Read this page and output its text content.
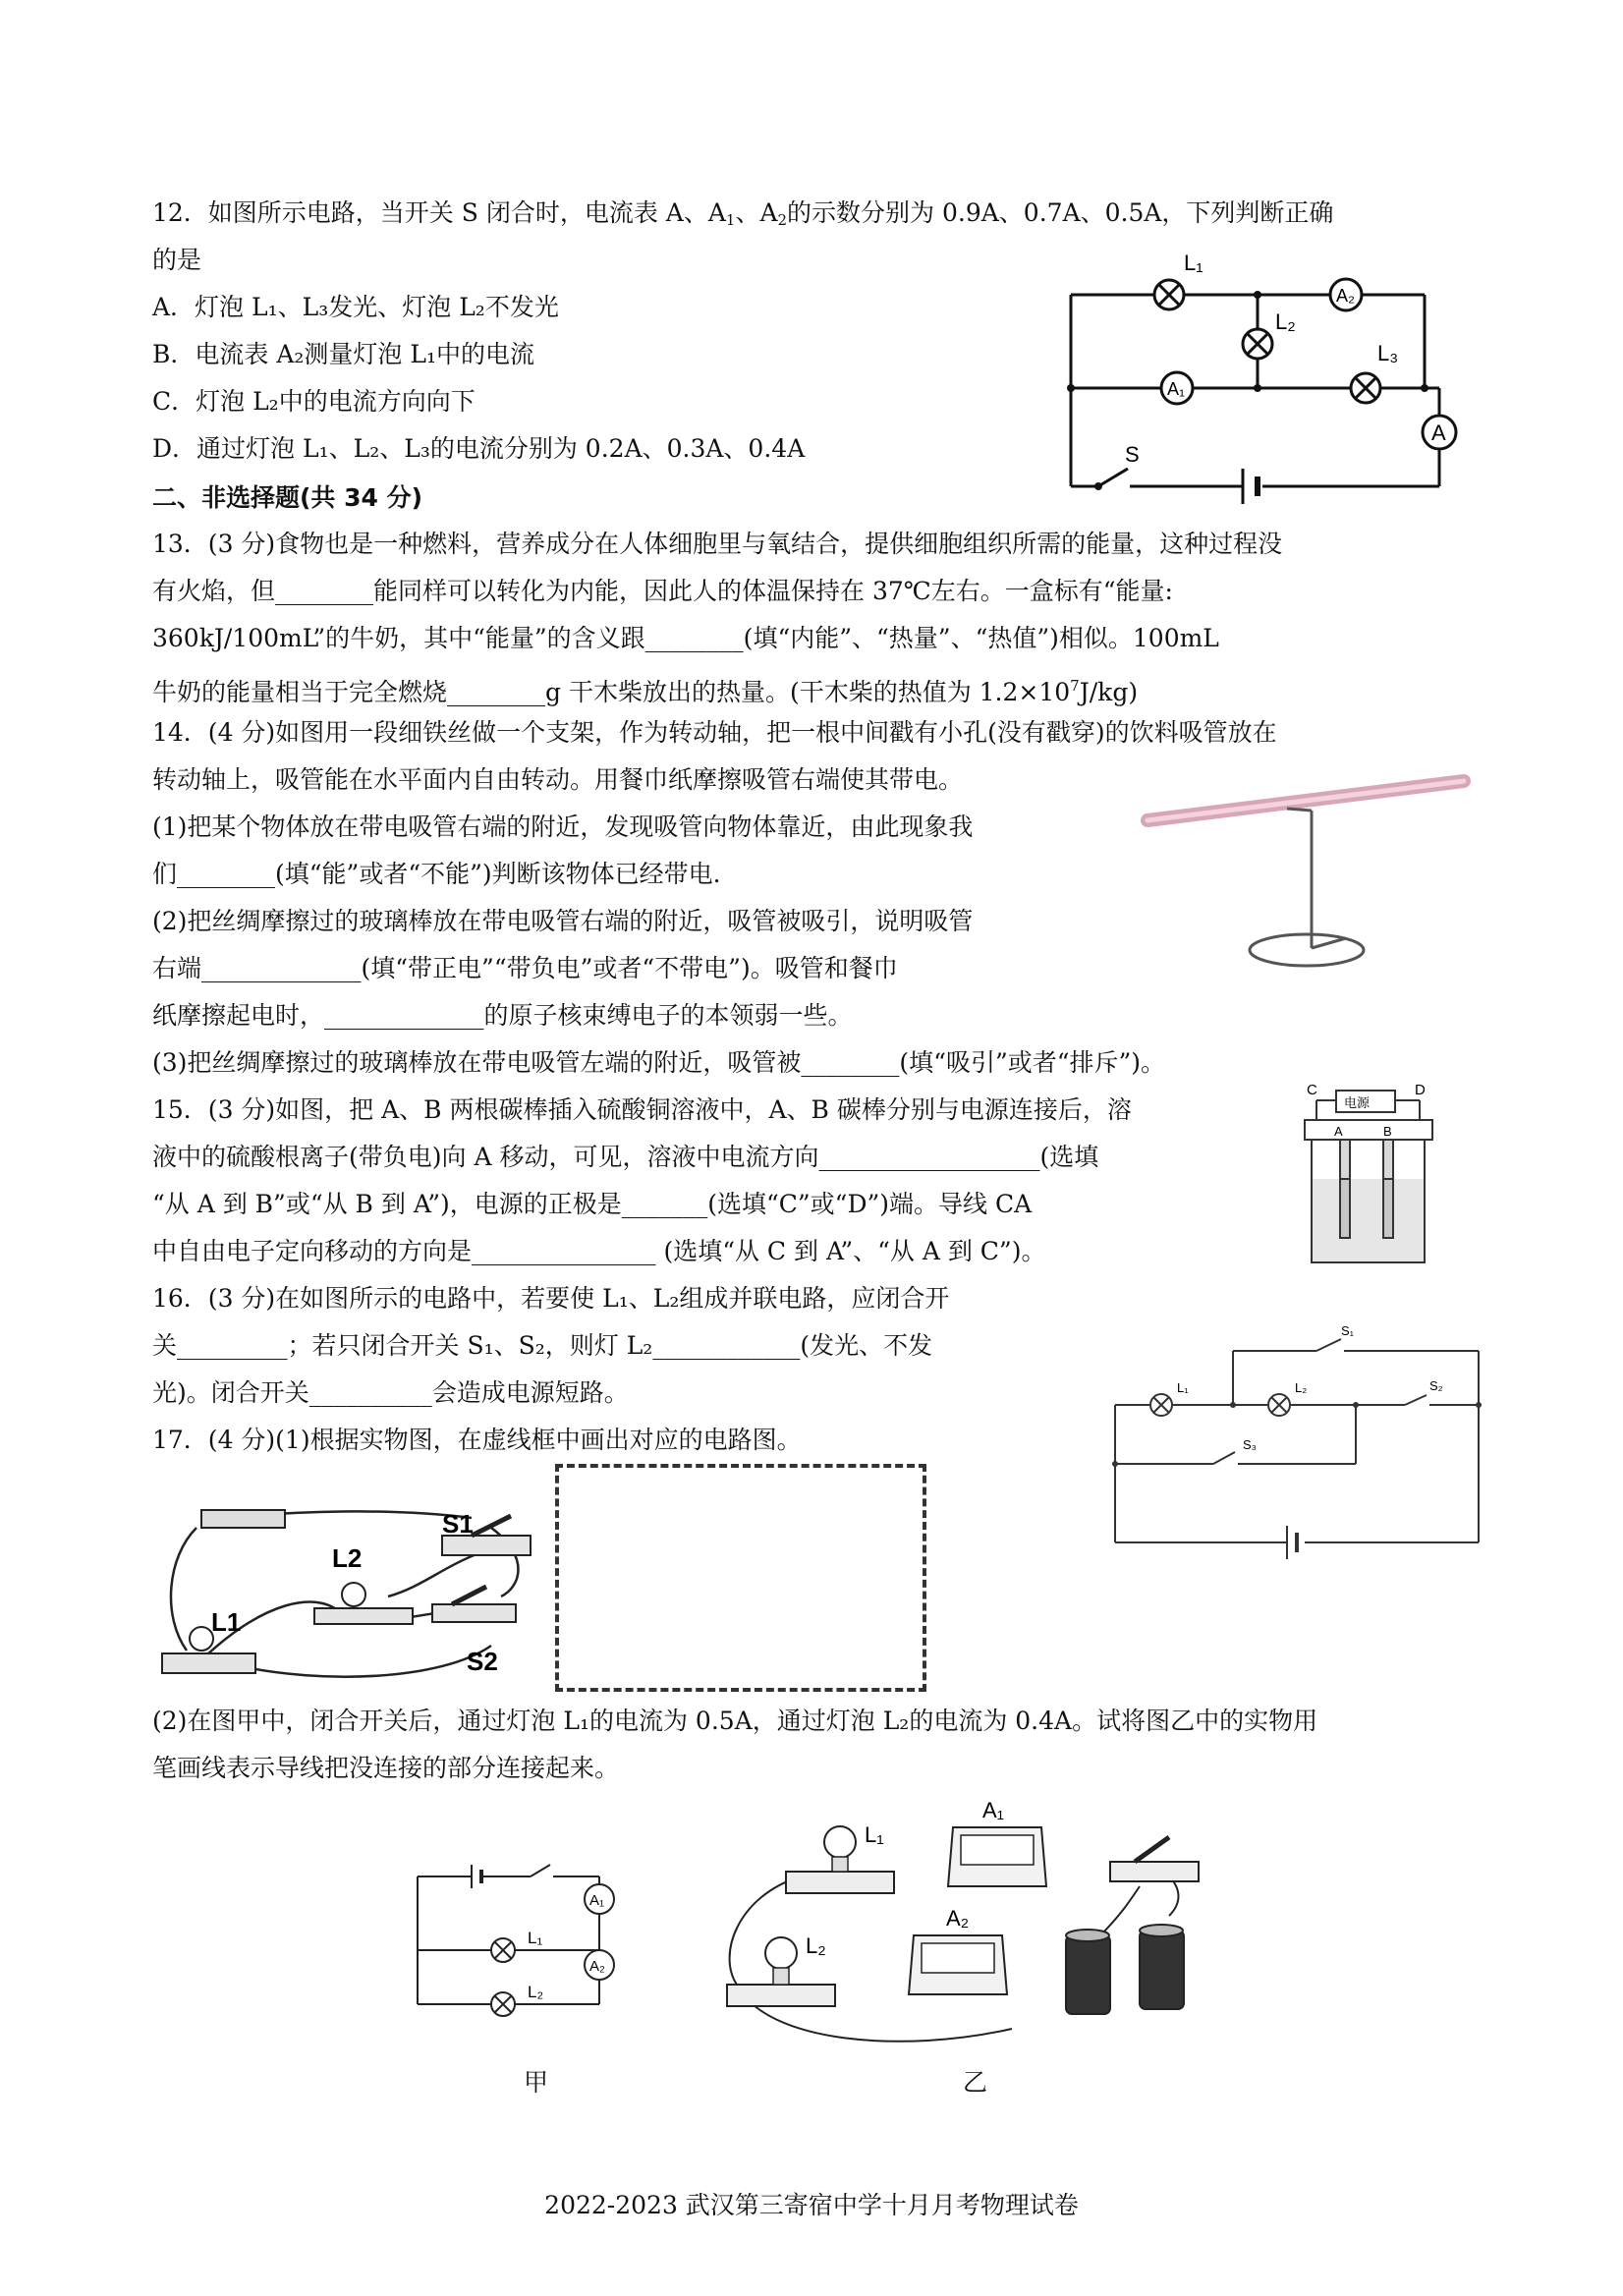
12．如图所示电路，当开关 S 闭合时，电流表 A、$A_1$、$A_2$的示数分别为 0.9A、0.7A、0.5A，下列判断正确
的是
A．灯泡 L₁、L₃发光、灯泡 L₂不发光
B．电流表 A₂测量灯泡 L₁中的电流
C．灯泡 L₂中的电流方向向下
D．通过灯泡 L₁、L₂、L₃的电流分别为 0.2A、0.3A、0.4A
L₁
L₂
L₃
A₂
A₁
A
S
二、非选择题(共 34 分)
13．(3 分)食物也是一种燃料，营养成分在人体细胞里与氧结合，提供细胞组织所需的能量，这种过程没
有火焰，但________能同样可以转化为内能，因此人的体温保持在 37℃左右。一盒标有“能量:
360kJ/100mL”的牛奶，其中“能量”的含义跟________(填“内能”、“热量”、“热值”)相似。100mL
牛奶的能量相当于完全燃烧________g 干木柴放出的热量。(干木柴的热值为 $1.2\times 10^7J/kg$)
14．(4 分)如图用一段细铁丝做一个支架，作为转动轴，把一根中间戳有小孔(没有戳穿)的饮料吸管放在
转动轴上，吸管能在水平面内自由转动。用餐巾纸摩擦吸管右端使其带电。
(1)把某个物体放在带电吸管右端的附近，发现吸管向物体靠近，由此现象我
们________(填“能”或者“不能”)判断该物体已经带电.
(2)把丝绸摩擦过的玻璃棒放在带电吸管右端的附近，吸管被吸引，说明吸管
右端_____________(填“带正电”“带负电”或者“不带电”)。吸管和餐巾
纸摩擦起电时，_____________的原子核束缚电子的本领弱一些。
(3)把丝绸摩擦过的玻璃棒放在带电吸管左端的附近，吸管被________(填“吸引”或者“排斥”)。
15．(3 分)如图，把 A、B 两根碳棒插入硫酸铜溶液中，A、B 碳棒分别与电源连接后，溶
液中的硫酸根离子(带负电)向 A 移动，可见，溶液中电流方向__________________(选填
“从 A 到 B”或“从 B 到 A”)，电源的正极是_______(选填“C”或“D”)端。导线 CA
中自由电子定向移动的方向是_______________ (选填“从 C 到 A”、“从 A 到 C”)。
C	D
电源
A	B
16．(3 分)在如图所示的电路中，若要使 L₁、L₂组成并联电路，应闭合开
关_________；若只闭合开关 S₁、S₂，则灯 L₂____________(发光、不发
光)。闭合开关__________会造成电源短路。	L₁	L₂
S₁
S₂
S₃
17．(4 分)(1)根据实物图，在虚线框中画出对应的电路图。
S1
L2
L1
S2
(2)在图甲中，闭合开关后，通过灯泡 L₁的电流为 0.5A，通过灯泡 L₂的电流为 0.4A。试将图乙中的实物用
笔画线表示导线把没连接的部分连接起来。
L₁
L₂
A₁
A₂
甲
L₁
A₁
L₂
A₂
乙
2022-2023 武汉第三寄宿中学十月月考物理试卷
